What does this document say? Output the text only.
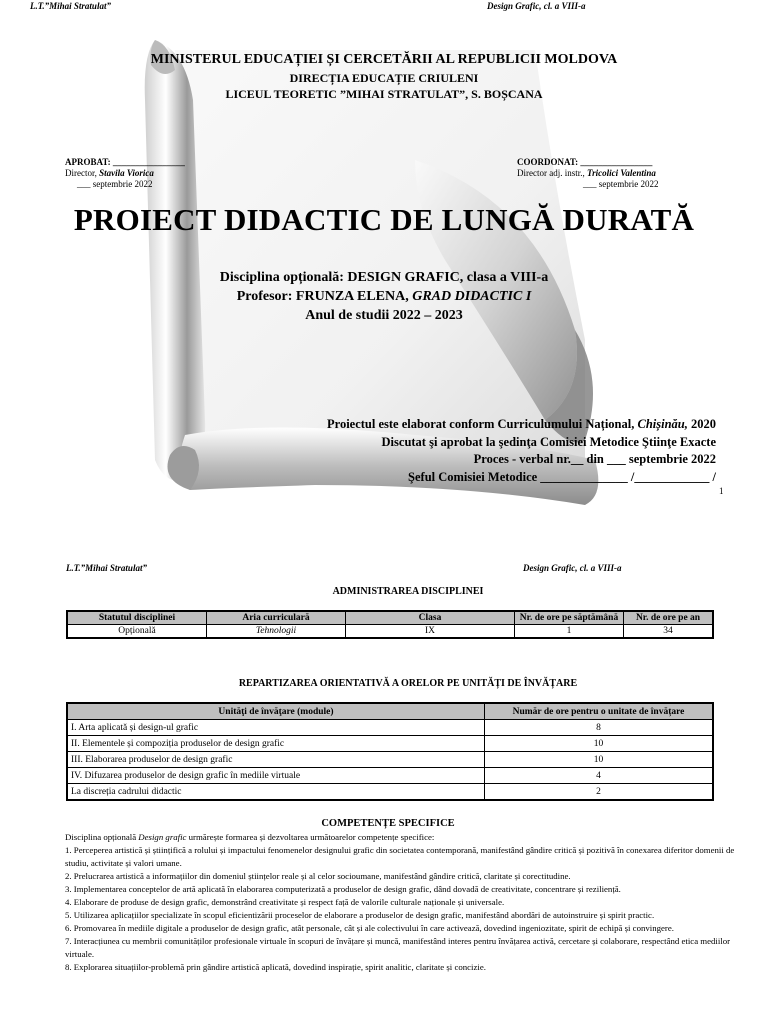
L.T.”Mihai Stratulat”	Design Grafic, cl. a VIII-a
MINISTERUL EDUCAȚIEI ȘI CERCETĂRII AL REPUBLICII MOLDOVA
DIRECȚIA EDUCAȚIE CRIULENI
LICEUL TEORETIC ”MIHAI STRATULAT”, S. BOȘCANA
APROBAT: ________________
Director, Stavila Viorica
___ septembrie 2022
COORDONAT: ________________
Director adj. instr., Tricolici Valentina
___ septembrie 2022
PROIECT DIDACTIC DE LUNGĂ DURATĂ
Disciplina opțională: DESIGN GRAFIC, clasa a VIII-a
Profesor: FRUNZA ELENA, GRAD DIDACTIC I
Anul de studii 2022 – 2023
Proiectul este elaborat conform Curriculumului Național, Chișinău, 2020
Discutat şi aprobat la şedinţa Comisiei Metodice Ştiinţe Exacte
Proces - verbal nr.__ din ___ septembrie 2022
Şeful Comisiei Metodice ______________ /____________ /
1
L.T.”Mihai Stratulat”	Design Grafic, cl. a VIII-a
ADMINISTRAREA DISCIPLINEI
Statutul disciplinei	Aria curriculară	Clasa	Nr. de ore pe săptămână	Nr. de ore pe an
Opțională	Tehnologii	IX	1	34
REPARTIZAREA ORIENTATIVĂ A ORELOR PE UNITĂȚI DE ÎNVĂȚARE
Unităţi de învăţare (module)	Număr de ore pentru o unitate de învățare
I. Arta aplicată și design-ul grafic	8
II. Elementele și compoziția produselor de design grafic	10
III. Elaborarea produselor de design grafic	10
IV. Difuzarea produselor de design grafic în mediile virtuale	4
La discreția cadrului didactic	2
COMPETENȚE SPECIFICE

Disciplina opțională Design grafic urmărește formarea și dezvoltarea următoarelor competențe specifice:

1. Perceperea artistică și științifică a rolului și impactului fenomenelor designului grafic din societatea contemporană, manifestând gândire critică și pozitivă în conexarea diferitor domenii de studiu, activitate și valori umane.

2. Prelucrarea artistică a informațiilor din domeniul științelor reale și al celor socioumane, manifestând gândire critică, claritate și corectitudine.

3. Implementarea conceptelor de artă aplicată în elaborarea computerizată a produselor de design grafic, dând dovadă de creativitate, concentrare și reziliență.

4. Elaborare de produse de design grafic, demonstrând creativitate și respect față de valorile culturale naționale și universale.

5. Utilizarea aplicațiilor specializate în scopul eficientizării proceselor de elaborare a produselor de design grafic, manifestând abordări de autoinstruire și spirit practic.

6. Promovarea în mediile digitale a produselor de design grafic, atât personale, cât și ale colectivului în care activează, dovedind ingeniozitate, spirit de echipă și convingere.

7. Interacțiunea cu membrii comunităților profesionale virtuale în scopuri de învățare și muncă, manifestând interes pentru învățarea activă, cercetare și colaborare, respectând etica mediilor virtuale.

8. Explorarea situațiilor-problemă prin gândire artistică aplicată, dovedind inspirație, spirit analitic, claritate și concizie.
